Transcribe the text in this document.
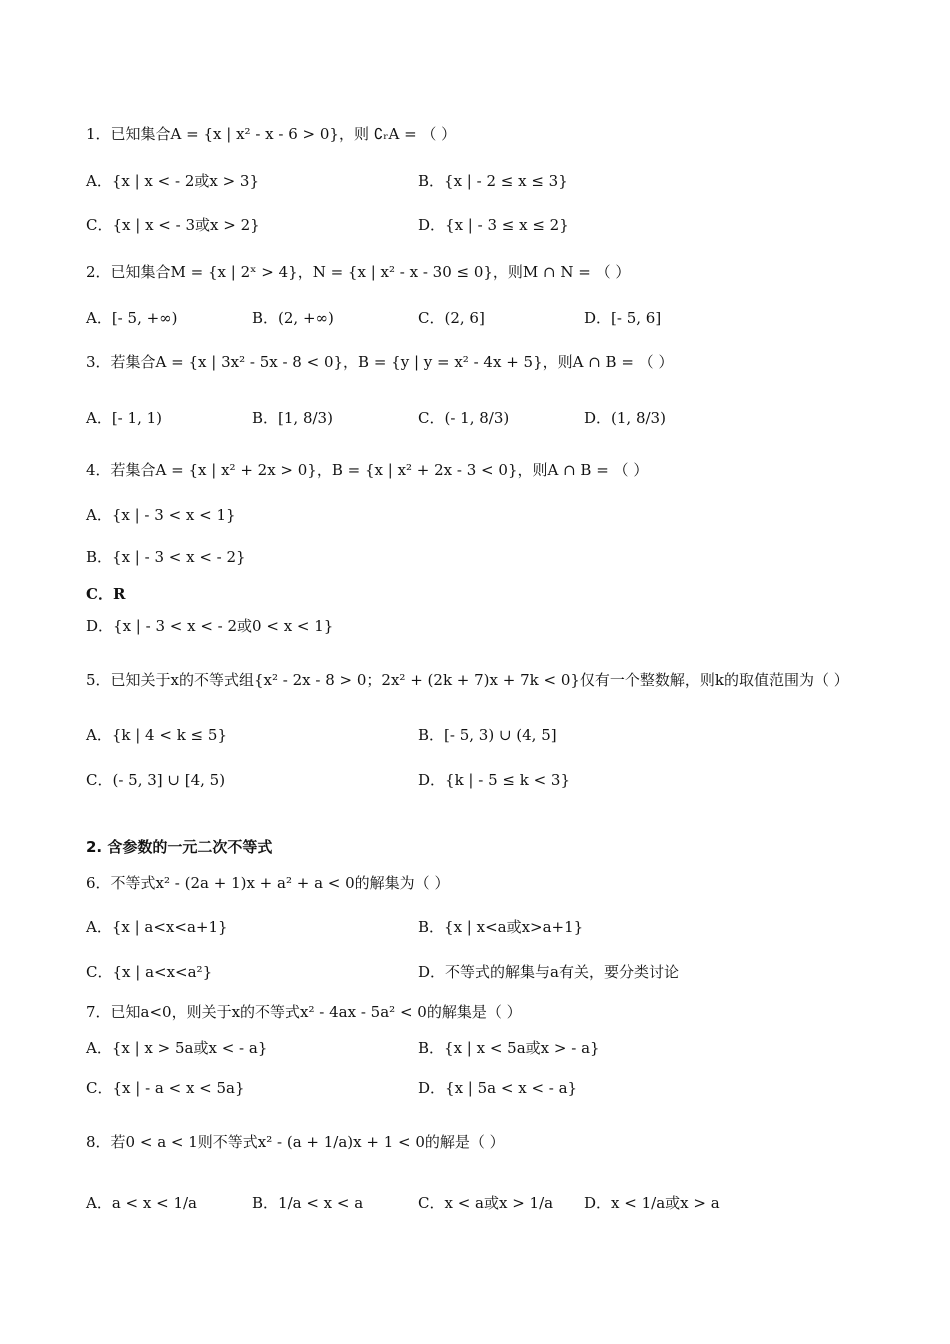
1．已知集合A = {x | x² - x - 6 > 0}，则 ∁ᵣA = （ ）
A．{x | x < - 2或x > 3}	B．{x | - 2 ≤ x ≤ 3}
C．{x | x < - 3或x > 2}	D．{x | - 3 ≤ x ≤ 2}
2．已知集合M = {x | 2ˣ > 4}，N = {x | x² - x - 30 ≤ 0}，则M ∩ N = （ ）
A．[- 5, +∞)	B．(2, +∞)	C．(2, 6]	D．[- 5, 6]
3．若集合A = {x | 3x² - 5x - 8 < 0}，B = {y | y = x² - 4x + 5}，则A ∩ B = （ ）
A．[- 1, 1)	B．[1, 8/3)	C．(- 1, 8/3)	D．(1, 8/3)
4．若集合A = {x | x² + 2x > 0}，B = {x | x² + 2x - 3 < 0}，则A ∩ B = （ ）
A．{x | - 3 < x < 1}
B．{x | - 3 < x < - 2}
C．R
D．{x | - 3 < x < - 2或0 < x < 1}
5．已知关于x的不等式组{x² - 2x - 8 > 0；2x² + (2k + 7)x + 7k < 0}仅有一个整数解，则k的取值范围为（ ）
A．{k | 4 < k ≤ 5}	B．[- 5, 3) ∪ (4, 5]
C．(- 5, 3] ∪ [4, 5)	D．{k | - 5 ≤ k < 3}
2. 含参数的一元二次不等式
6．不等式x² - (2a + 1)x + a² + a < 0的解集为（ ）
A．{x | a<x<a+1}	B．{x | x<a或x>a+1}
C．{x | a<x<a²}	D．不等式的解集与a有关，要分类讨论
7．已知a<0，则关于x的不等式x² - 4ax - 5a² < 0的解集是（ ）
A．{x | x > 5a或x < - a}	B．{x | x < 5a或x > - a}
C．{x | - a < x < 5a}	D．{x | 5a < x < - a}
8．若0 < a < 1则不等式x² - (a + 1/a)x + 1 < 0的解是（ ）
A．a < x < 1/a	B．1/a < x < a	C．x < a或x > 1/a D．x < 1/a或x > a
